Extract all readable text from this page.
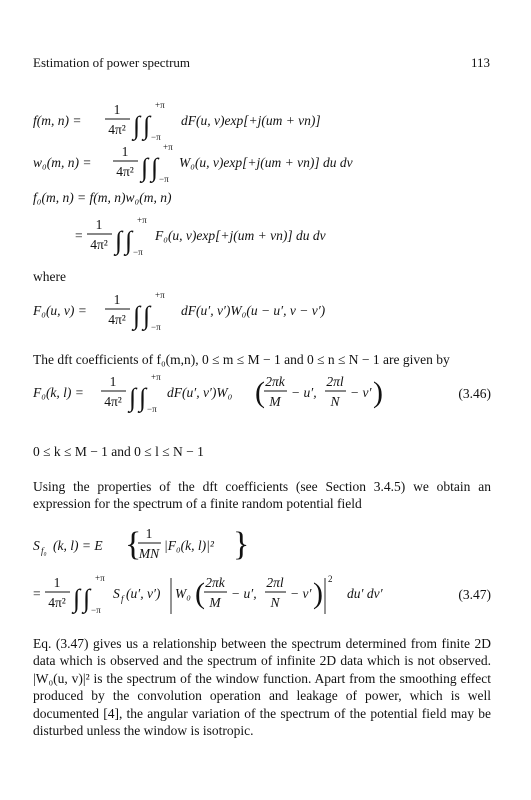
Estimation of power spectrum	113
f(m, n) =
1
4π² ∫ ∫
+π
−π
dF(u, v)exp[+j(um + vn)]
w₀(m, n) =
1
4π² ∫ ∫
+π
−π
W₀(u, v)exp[+j(um + vn)] du dv
f₀(m, n) = f(m, n)w₀(m, n)
=
1
4π² ∫ ∫
+π
−π
F₀(u, v)exp[+j(um + vn)] du dv
where
F₀(u, v) =
1
4π² ∫ ∫
+π
−π
dF(u′, v′)W₀(u − u′, v − v′)
The dft coefficients of f₀(m,n), 0 ≤ m ≤ M − 1 and 0 ≤ n ≤ N − 1 are given by
F₀(k, l) =
1
4π² ∫ ∫
+π
−π
dF(u′, v′)W₀ ( 2πk
M
− u′,
2πl
N
− v′ )	(3.46)
0 ≤ k ≤ M − 1 and 0 ≤ l ≤ N − 1
Using the properties of the dft coefficients (see Section 3.4.5) we obtain an expression for the spectrum of a finite random potential field
S f₀ (k, l) = E { 1
MN
|F₀(k, l)|² }
=
1
4π² ∫ ∫
+π
−π
S f (u′, v′) W₀ ( 2πk
M
− u′,
2πl
N
− v′ ) 2
du′ dv′	(3.47)
Eq. (3.47) gives us a relationship between the spectrum determined from finite 2D data which is observed and the spectrum of infinite 2D data which is not observed. |W₀(u, v)|² is the spectrum of the window function. Apart from the smoothing effect produced by the convolution operation and leakage of power, which is well documented [4], the angular variation of the spectrum of the potential field may be disturbed unless the window is isotropic.
